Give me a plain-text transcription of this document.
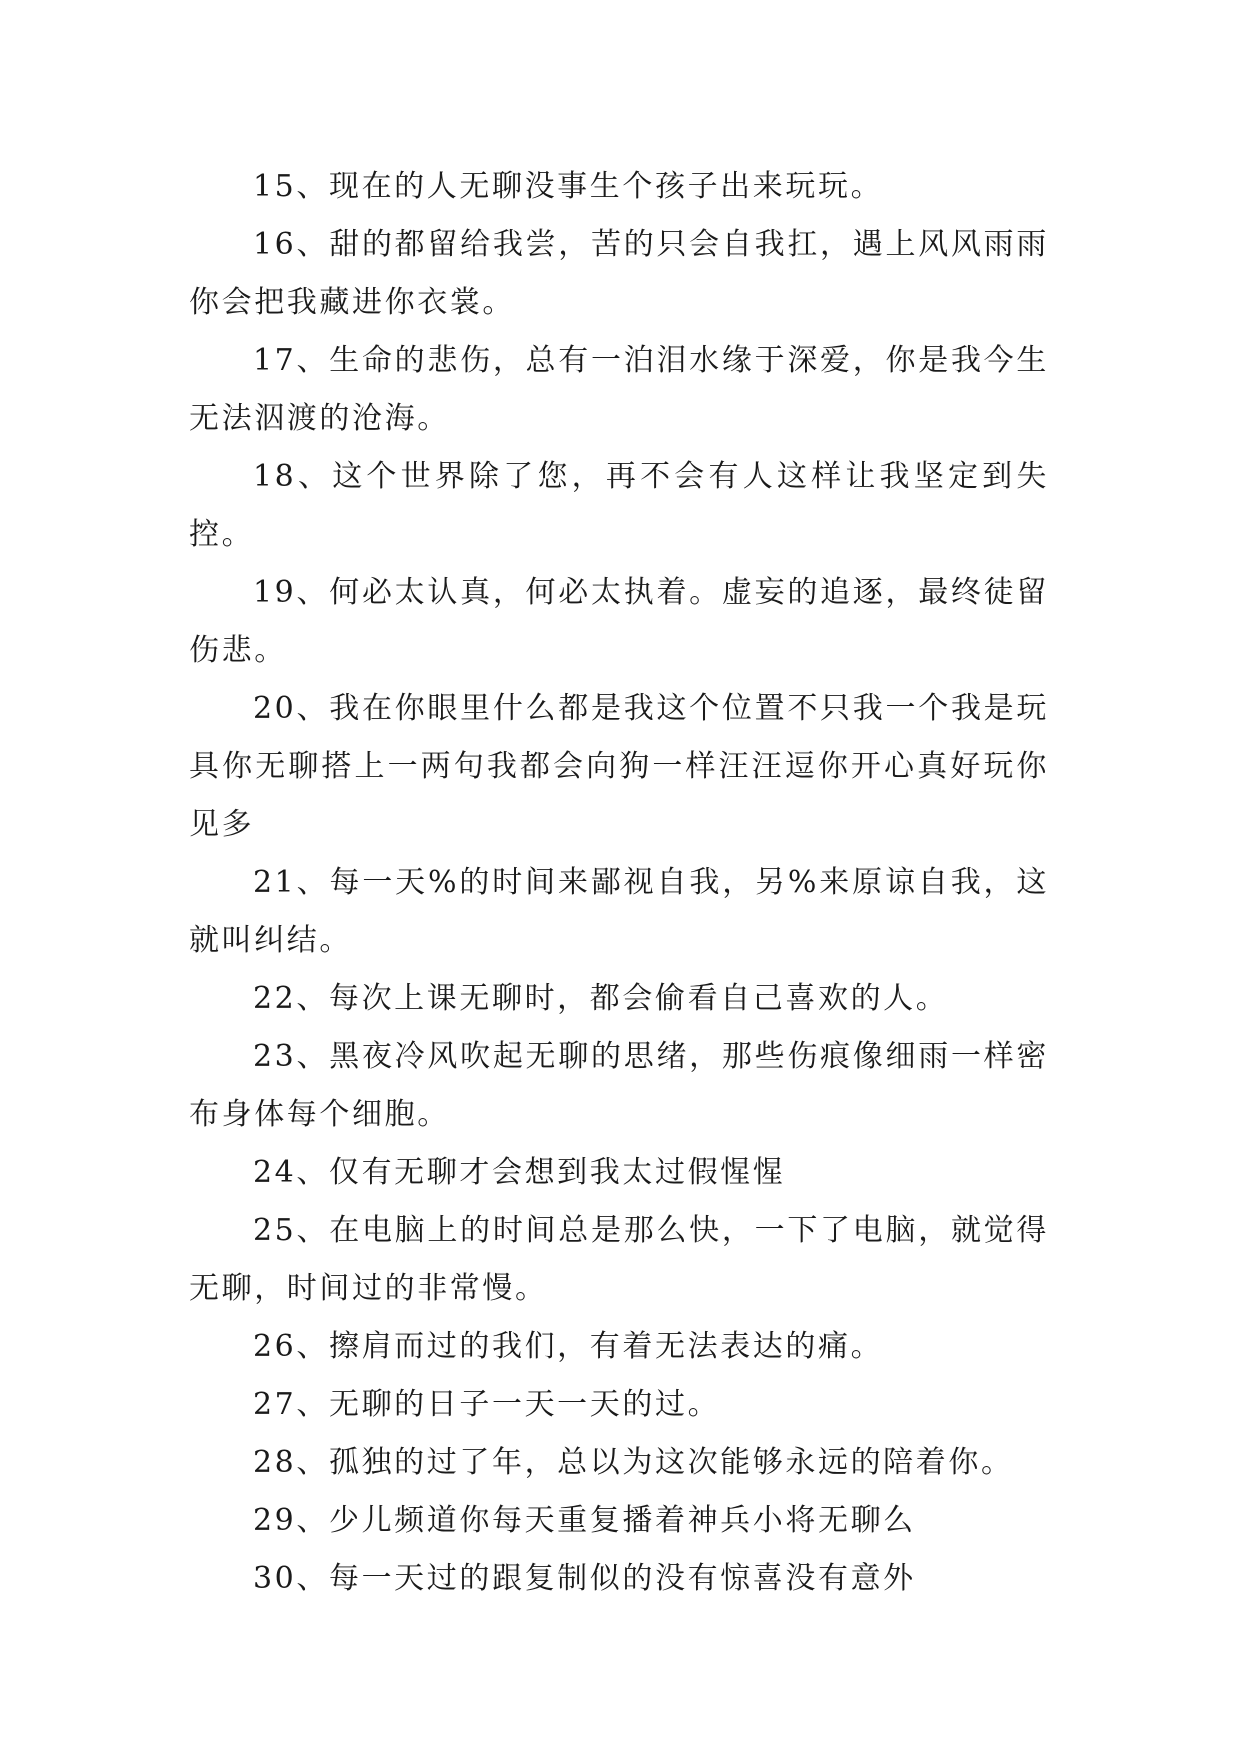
15、现在的人无聊没事生个孩子出来玩玩。

16、甜的都留给我尝，苦的只会自我扛，遇上风风雨雨你会把我藏进你衣裳。

17、生命的悲伤，总有一泊泪水缘于深爱，你是我今生无法泅渡的沧海。

18、这个世界除了您，再不会有人这样让我坚定到失控。

19、何必太认真，何必太执着。虚妄的追逐，最终徒留伤悲。

20、我在你眼里什么都是我这个位置不只我一个我是玩具你无聊搭上一两句我都会向狗一样汪汪逗你开心真好玩你见多

21、每一天%的时间来鄙视自我，另%来原谅自我，这就叫纠结。

22、每次上课无聊时，都会偷看自己喜欢的人。

23、黑夜冷风吹起无聊的思绪，那些伤痕像细雨一样密布身体每个细胞。

24、仅有无聊才会想到我太过假惺惺

25、在电脑上的时间总是那么快，一下了电脑，就觉得无聊，时间过的非常慢。

26、擦肩而过的我们，有着无法表达的痛。

27、无聊的日子一天一天的过。

28、孤独的过了年，总以为这次能够永远的陪着你。

29、少儿频道你每天重复播着神兵小将无聊么

30、每一天过的跟复制似的没有惊喜没有意外
